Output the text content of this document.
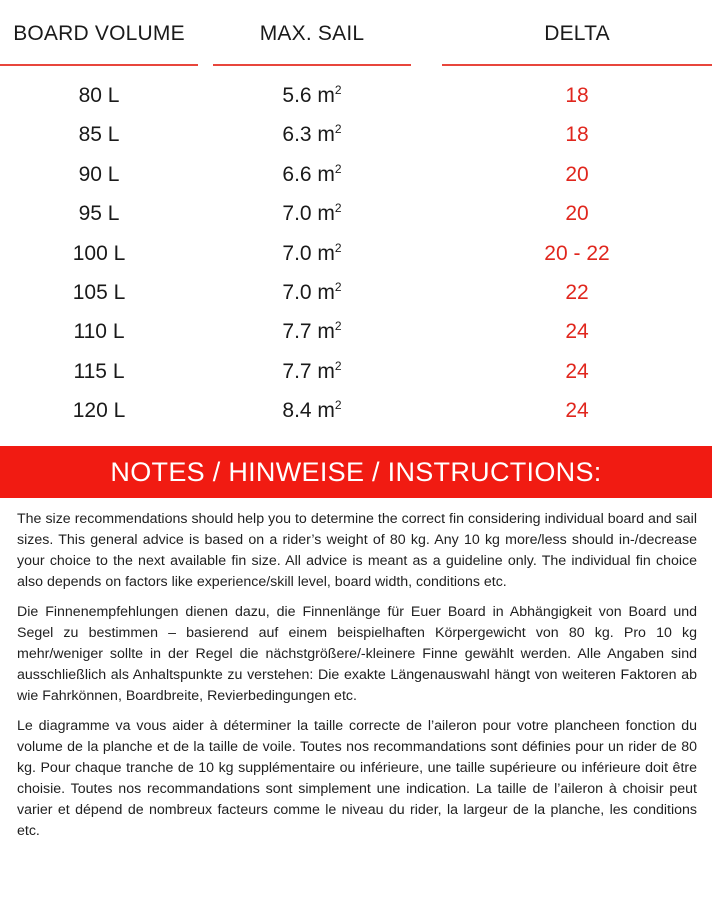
BOARD VOLUME	MAX. SAIL	DELTA
80 L	5.6 $m^2$	18
85 L	6.3 $m^2$	18
90 L	6.6 $m^2$	20
95 L	7.0 $m^2$	20
100 L	7.0 $m^2$	20 - 22
105 L	7.0 $m^2$	22
110 L	7.7 $m^2$	24
115 L	7.7 $m^2$	24
120 L	8.4 $m^2$	24
NOTES / HINWEISE / INSTRUCTIONS:

The size recommendations should help you to determine the correct fin considering individual board and sail sizes. This general advice is based on a rider’s weight of 80 kg. Any 10 kg more/less should in-/decrease your choice to the next available fin size. All advice is meant as a guideline only. The individual fin choice also depends on factors like experience/skill level, board width, conditions etc.

Die Finnenempfehlungen dienen dazu, die Finnenlänge für Euer Board in Abhängigkeit von Board und Segel zu bestimmen – basierend auf einem beispielhaften Körpergewicht von 80 kg. Pro 10 kg mehr/weniger sollte in der Regel die nächstgrößere/-kleinere Finne gewählt werden. Alle Angaben sind ausschließlich als Anhaltspunkte zu verstehen: Die exakte Längenauswahl hängt von weiteren Faktoren ab wie Fahrkönnen, Boardbreite, Revierbedingungen etc.

Le diagramme va vous aider à déterminer la taille correcte de l’aileron pour votre plancheen fonction du volume de la planche et de la taille de voile. Toutes nos recommandations sont définies pour un rider de 80 kg. Pour chaque tranche de 10 kg supplémentaire ou inférieure, une taille supérieure ou inférieure doit être choisie. Toutes nos recommandations sont simplement une indication. La taille de l’aileron à choisir peut varier et dépend de nombreux facteurs comme le niveau du rider, la largeur de la planche, les conditions etc.
